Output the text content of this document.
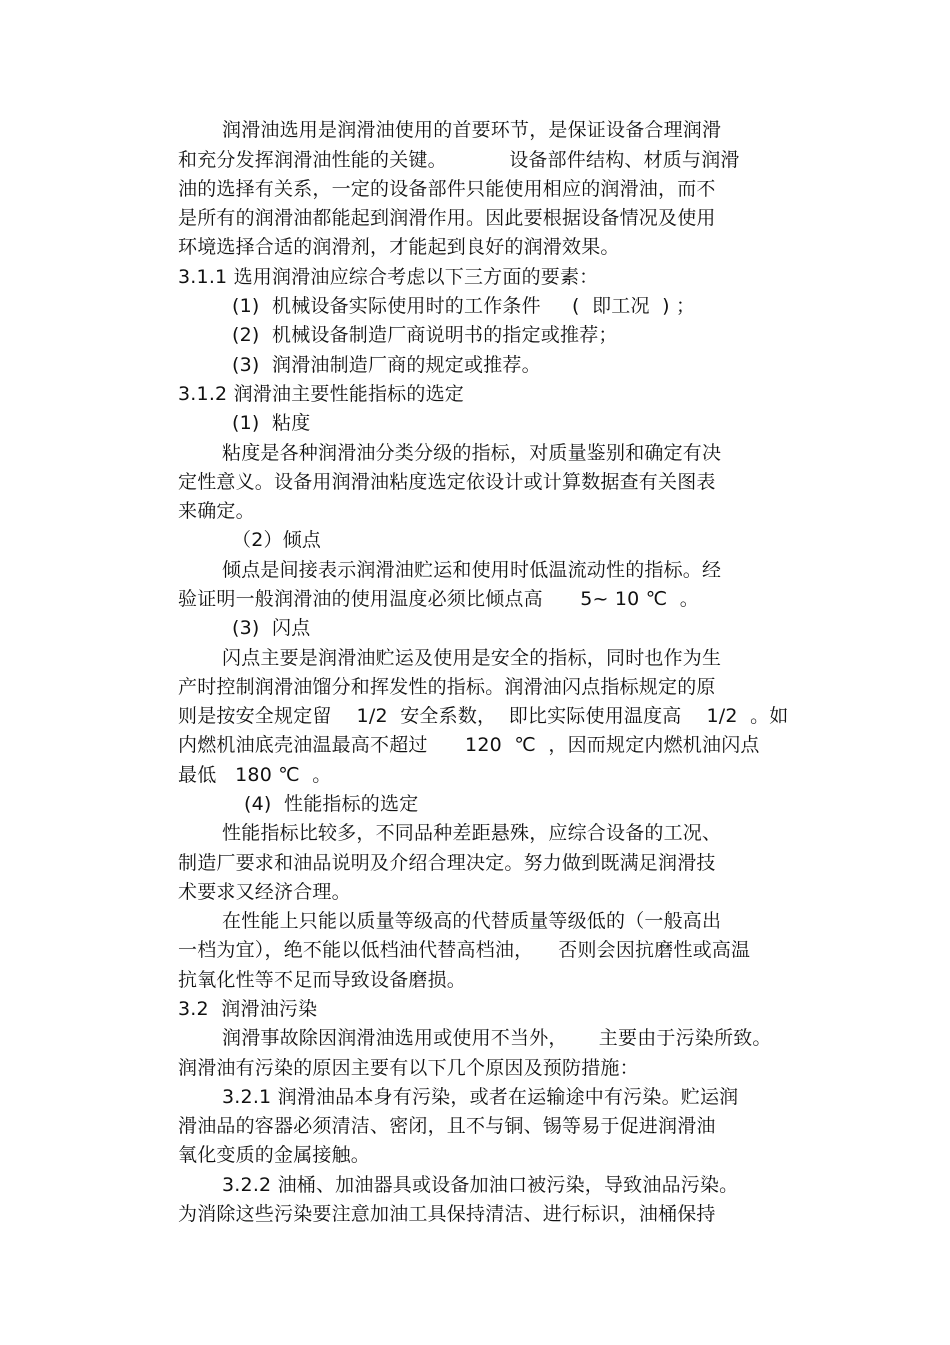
润滑油选用是润滑油使用的首要环节，是保证设备合理润滑
和充分发挥润滑油性能的关键。          设备部件结构、材质与润滑
油的选择有关系，一定的设备部件只能使用相应的润滑油，而不
是所有的润滑油都能起到润滑作用。因此要根据设备情况及使用
环境选择合适的润滑剂，才能起到良好的润滑效果。
3.1.1 选用润滑油应综合考虑以下三方面的要素：
(1)  机械设备实际使用时的工作条件     (  即工况  ) ；
(2)  机械设备制造厂商说明书的指定或推荐；
(3)  润滑油制造厂商的规定或推荐。
3.1.2 润滑油主要性能指标的选定
(1)  粘度
粘度是各种润滑油分类分级的指标，对质量鉴别和确定有决
定性意义。设备用润滑油粘度选定依设计或计算数据查有关图表
来确定。
（2）倾点
倾点是间接表示润滑油贮运和使用时低温流动性的指标。经
验证明一般润滑油的使用温度必须比倾点高      5~ 10 ℃  。
(3)  闪点
闪点主要是润滑油贮运及使用是安全的指标，同时也作为生
产时控制润滑油馏分和挥发性的指标。润滑油闪点指标规定的原
则是按安全规定留    1/2  安全系数，  即比实际使用温度高    1/2  。如
内燃机油底壳油温最高不超过      120  ℃  ，因而规定内燃机油闪点
最低   180 ℃  。
(4)  性能指标的选定
性能指标比较多，不同品种差距悬殊，应综合设备的工况、
制造厂要求和油品说明及介绍合理决定。努力做到既满足润滑技
术要求又经济合理。
在性能上只能以质量等级高的代替质量等级低的（一般高出
一档为宜），绝不能以低档油代替高档油，    否则会因抗磨性或高温
抗氧化性等不足而导致设备磨损。
3.2  润滑油污染
润滑事故除因润滑油选用或使用不当外，     主要由于污染所致。
润滑油有污染的原因主要有以下几个原因及预防措施：
3.2.1 润滑油品本身有污染，或者在运输途中有污染。贮运润
滑油品的容器必须清洁、密闭，且不与铜、锡等易于促进润滑油
氧化变质的金属接触。
3.2.2 油桶、加油器具或设备加油口被污染，导致油品污染。
为消除这些污染要注意加油工具保持清洁、进行标识，油桶保持
